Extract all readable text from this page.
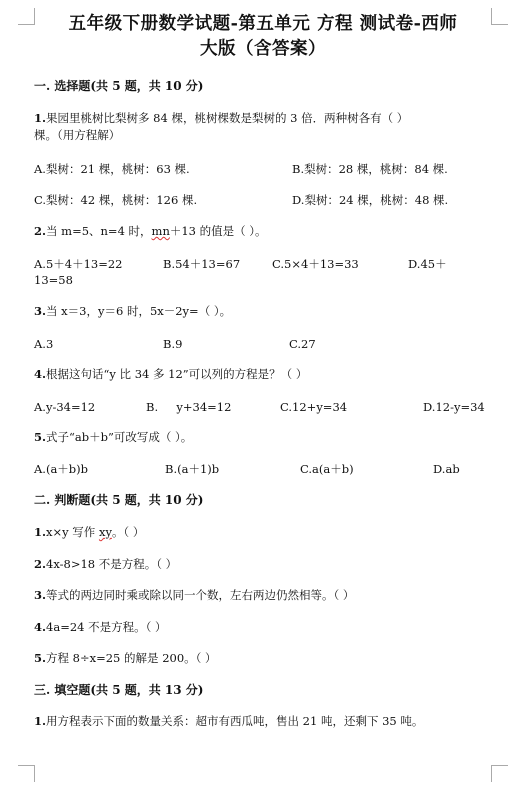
五年级下册数学试题-第五单元 方程 测试卷-西师
大版（含答案）
一. 选择题(共 5 题，共 10 分)
1.果园里桃树比梨树多 84 棵，桃树棵数是梨树的 3 倍．两种树各有（ ）
棵。（用方程解）
A.梨树：21 棵，桃树：63 棵.	B.梨树：28 棵，桃树：84 棵.
C.梨树：42 棵，桃树：126 棵.	D.梨树：24 棵，桃树：48 棵.
2.当 m=5、n=4 时，mn＋13 的值是（ ）。
A.5＋4＋13=22	B.54＋13=67	C.5×4＋13=33	D.45＋
13=58
3.当 x＝3，y＝6 时，5x－2y=（ ）。
A.3	B.9	C.27
4.根据这句话“y 比 34 多 12”可以列的方程是？（ ）
A.y-34=12	B.     y+34=12	C.12+y=34	D.12-y=34
5.式子“ab＋b”可改写成（ ）。
A.(a＋b)b	B.(a＋1)b	C.a(a＋b)	D.ab
二. 判断题(共 5 题，共 10 分)
1.x×y 写作 xy。（ ）
2.4x-8>18 不是方程。（ ）
3.等式的两边同时乘或除以同一个数，左右两边仍然相等。（ ）
4.4a=24 不是方程。（ ）
5.方程 8÷x=25 的解是 200。（ ）
三. 填空题(共 5 题，共 13 分)
1.用方程表示下面的数量关系：超市有西瓜吨，售出 21 吨，还剩下 35 吨。
